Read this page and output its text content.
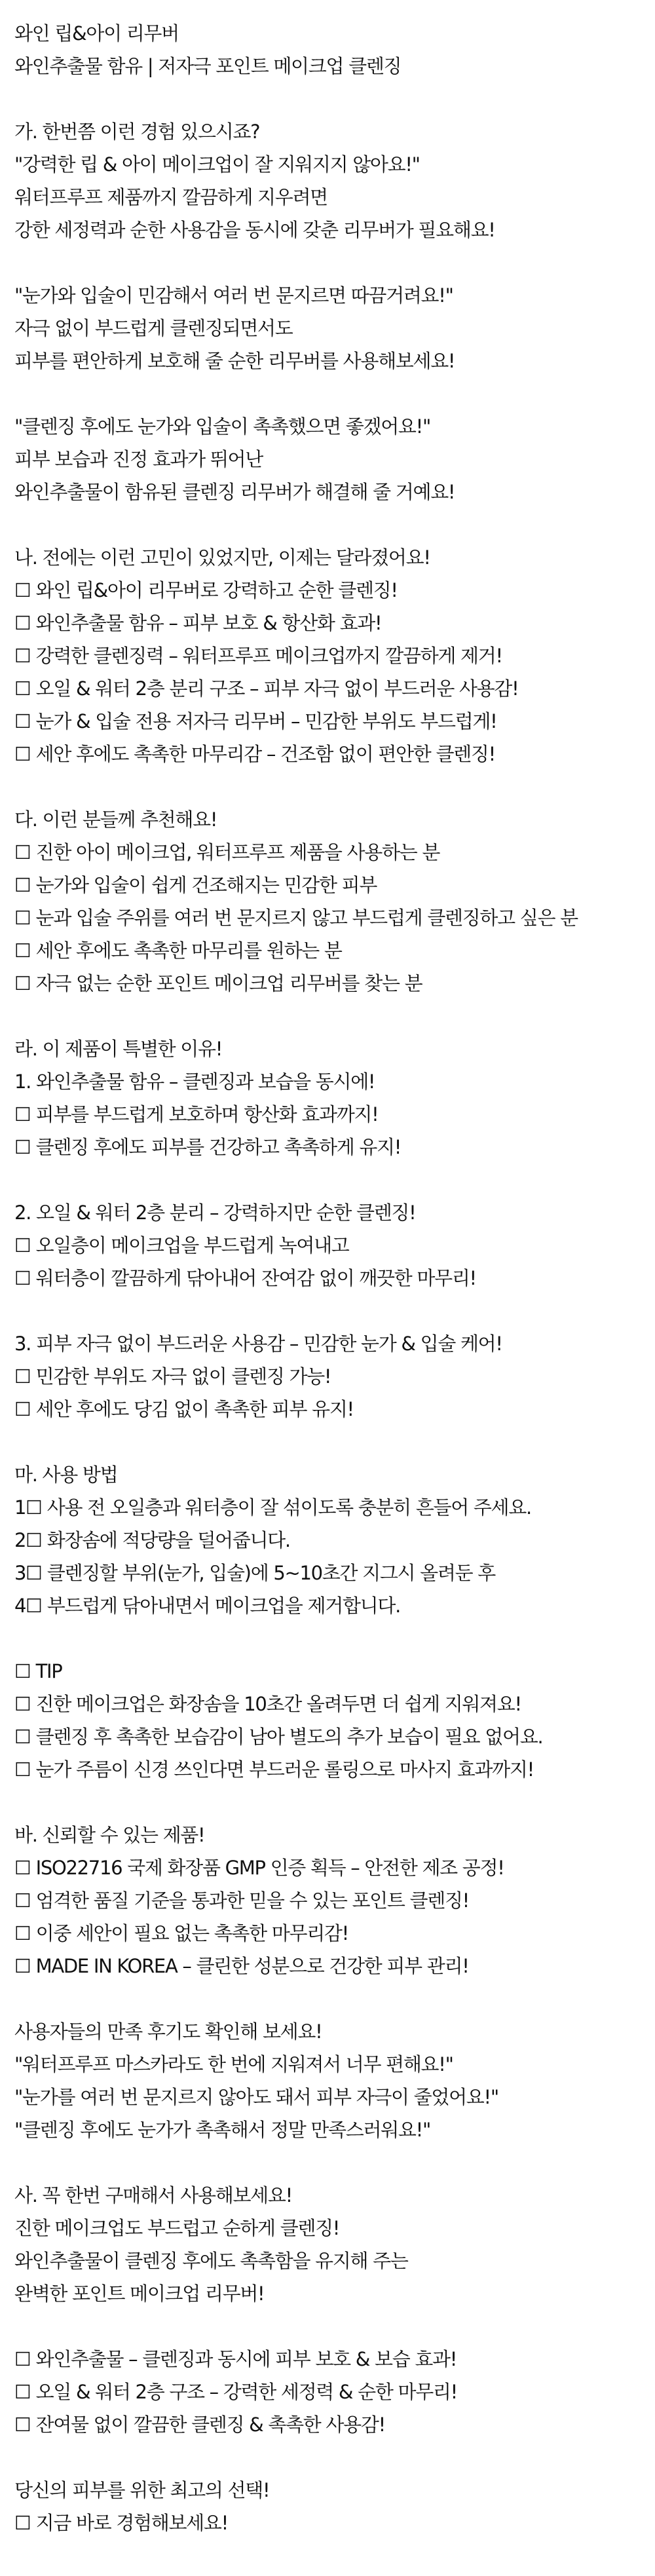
와인 립&아이 리무버
와인추출물 함유 | 저자극 포인트 메이크업 클렌징
가. 한번쯤 이런 경험 있으시죠?
"강력한 립 & 아이 메이크업이 잘 지워지지 않아요!"
워터프루프 제품까지 깔끔하게 지우려면
강한 세정력과 순한 사용감을 동시에 갖춘 리무버가 필요해요!
"눈가와 입술이 민감해서 여러 번 문지르면 따끔거려요!"
자극 없이 부드럽게 클렌징되면서도
피부를 편안하게 보호해 줄 순한 리무버를 사용해보세요!
"클렌징 후에도 눈가와 입술이 촉촉했으면 좋겠어요!"
피부 보습과 진정 효과가 뛰어난
와인추출물이 함유된 클렌징 리무버가 해결해 줄 거예요!
나. 전에는 이런 고민이 있었지만, 이제는 달라졌어요!
☐ 와인 립&아이 리무버로 강력하고 순한 클렌징!
☐ 와인추출물 함유 – 피부 보호 & 항산화 효과!
☐ 강력한 클렌징력 – 워터프루프 메이크업까지 깔끔하게 제거!
☐ 오일 & 워터 2층 분리 구조 – 피부 자극 없이 부드러운 사용감!
☐ 눈가 & 입술 전용 저자극 리무버 – 민감한 부위도 부드럽게!
☐ 세안 후에도 촉촉한 마무리감 – 건조함 없이 편안한 클렌징!
다. 이런 분들께 추천해요!
☐ 진한 아이 메이크업, 워터프루프 제품을 사용하는 분
☐ 눈가와 입술이 쉽게 건조해지는 민감한 피부
☐ 눈과 입술 주위를 여러 번 문지르지 않고 부드럽게 클렌징하고 싶은 분
☐ 세안 후에도 촉촉한 마무리를 원하는 분
☐ 자극 없는 순한 포인트 메이크업 리무버를 찾는 분
라. 이 제품이 특별한 이유!
1. 와인추출물 함유 – 클렌징과 보습을 동시에!
☐ 피부를 부드럽게 보호하며 항산화 효과까지!
☐ 클렌징 후에도 피부를 건강하고 촉촉하게 유지!
2. 오일 & 워터 2층 분리 – 강력하지만 순한 클렌징!
☐ 오일층이 메이크업을 부드럽게 녹여내고
☐ 워터층이 깔끔하게 닦아내어 잔여감 없이 깨끗한 마무리!
3. 피부 자극 없이 부드러운 사용감 – 민감한 눈가 & 입술 케어!
☐ 민감한 부위도 자극 없이 클렌징 가능!
☐ 세안 후에도 당김 없이 촉촉한 피부 유지!
마. 사용 방법
1☐ 사용 전 오일층과 워터층이 잘 섞이도록 충분히 흔들어 주세요.
2☐ 화장솜에 적당량을 덜어줍니다.
3☐ 클렌징할 부위(눈가, 입술)에 5~10초간 지그시 올려둔 후
4☐ 부드럽게 닦아내면서 메이크업을 제거합니다.
☐ TIP
☐ 진한 메이크업은 화장솜을 10초간 올려두면 더 쉽게 지워져요!
☐ 클렌징 후 촉촉한 보습감이 남아 별도의 추가 보습이 필요 없어요.
☐ 눈가 주름이 신경 쓰인다면 부드러운 롤링으로 마사지 효과까지!
바. 신뢰할 수 있는 제품!
☐ ISO22716 국제 화장품 GMP 인증 획득 – 안전한 제조 공정!
☐ 엄격한 품질 기준을 통과한 믿을 수 있는 포인트 클렌징!
☐ 이중 세안이 필요 없는 촉촉한 마무리감!
☐ MADE IN KOREA – 클린한 성분으로 건강한 피부 관리!
사용자들의 만족 후기도 확인해 보세요!
"워터프루프 마스카라도 한 번에 지워져서 너무 편해요!"
"눈가를 여러 번 문지르지 않아도 돼서 피부 자극이 줄었어요!"
"클렌징 후에도 눈가가 촉촉해서 정말 만족스러워요!"
사. 꼭 한번 구매해서 사용해보세요!
진한 메이크업도 부드럽고 순하게 클렌징!
와인추출물이 클렌징 후에도 촉촉함을 유지해 주는
완벽한 포인트 메이크업 리무버!
☐ 와인추출물 – 클렌징과 동시에 피부 보호 & 보습 효과!
☐ 오일 & 워터 2층 구조 – 강력한 세정력 & 순한 마무리!
☐ 잔여물 없이 깔끔한 클렌징 & 촉촉한 사용감!
당신의 피부를 위한 최고의 선택!
☐ 지금 바로 경험해보세요!
